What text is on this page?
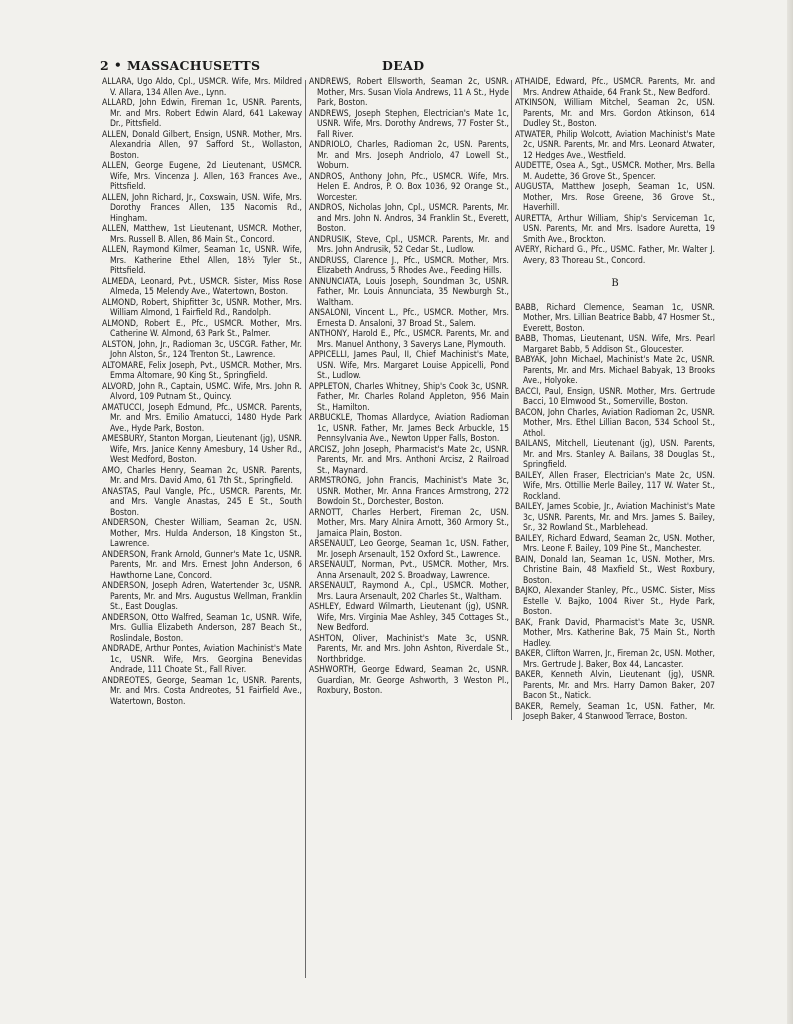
2 • MASSACHUSETTS	DEAD

ALLARA, Ugo Aldo, Cpl., USMCR. Wife, Mrs. Mildred V. Allara, 134 Allen Ave., Lynn.

ALLARD, John Edwin, Fireman 1c, USNR. Parents, Mr. and Mrs. Robert Edwin Alard, 641 Lakeway Dr., Pittsfield.

ALLEN, Donald Gilbert, Ensign, USNR. Mother, Mrs. Alexandria Allen, 97 Safford St., Wollaston, Boston.

ALLEN, George Eugene, 2d Lieutenant, USMCR. Wife, Mrs. Vincenza J. Allen, 163 Frances Ave., Pittsfield.

ALLEN, John Richard, Jr., Coxswain, USN. Wife, Mrs. Dorothy Frances Allen, 135 Nacomis Rd., Hingham.

ALLEN, Matthew, 1st Lieutenant, USMCR. Mother, Mrs. Russell B. Allen, 86 Main St., Concord.

ALLEN, Raymond Kilmer, Seaman 1c, USNR. Wife, Mrs. Katherine Ethel Allen, 18½ Tyler St., Pittsfield.

ALMEDA, Leonard, Pvt., USMCR. Sister, Miss Rose Almeda, 15 Melendy Ave., Watertown, Boston.

ALMOND, Robert, Shipfitter 3c, USNR. Mother, Mrs. William Almond, 1 Fairfield Rd., Randolph.

ALMOND, Robert E., Pfc., USMCR. Mother, Mrs. Catherine W. Almond, 63 Park St., Palmer.

ALSTON, John, Jr., Radioman 3c, USCGR. Father, Mr. John Alston, Sr., 124 Trenton St., Lawrence.

ALTOMARE, Felix Joseph, Pvt., USMCR. Mother, Mrs. Emma Altomare, 90 King St., Springfield.

ALVORD, John R., Captain, USMC. Wife, Mrs. John R. Alvord, 109 Putnam St., Quincy.

AMATUCCI, Joseph Edmund, Pfc., USMCR. Parents, Mr. and Mrs. Emilio Amatucci, 1480 Hyde Park Ave., Hyde Park, Boston.

AMESBURY, Stanton Morgan, Lieutenant (jg), USNR. Wife, Mrs. Janice Kenny Amesbury, 14 Usher Rd., West Medford, Boston.

AMO, Charles Henry, Seaman 2c, USNR. Parents, Mr. and Mrs. David Amo, 61 7th St., Springfield.

ANASTAS, Paul Vangle, Pfc., USMCR. Parents, Mr. and Mrs. Vangle Anastas, 245 E St., South Boston.

ANDERSON, Chester William, Seaman 2c, USN. Mother, Mrs. Hulda Anderson, 18 Kingston St., Lawrence.

ANDERSON, Frank Arnold, Gunner's Mate 1c, USNR. Parents, Mr. and Mrs. Ernest John Anderson, 6 Hawthorne Lane, Concord.

ANDERSON, Joseph Adren, Watertender 3c, USNR. Parents, Mr. and Mrs. Augustus Wellman, Franklin St., East Douglas.

ANDERSON, Otto Walfred, Seaman 1c, USNR. Wife, Mrs. Gullia Elizabeth Anderson, 287 Beach St., Roslindale, Boston.

ANDRADE, Arthur Pontes, Aviation Machinist's Mate 1c, USNR. Wife, Mrs. Georgina Benevidas Andrade, 111 Choate St., Fall River.

ANDREOTES, George, Seaman 1c, USNR. Parents, Mr. and Mrs. Costa Andreotes, 51 Fairfield Ave., Watertown, Boston.

ANDREWS, Robert Ellsworth, Seaman 2c, USNR. Mother, Mrs. Susan Viola Andrews, 11 A St., Hyde Park, Boston.

ANDREWS, Joseph Stephen, Electrician's Mate 1c, USNR. Wife, Mrs. Dorothy Andrews, 77 Foster St., Fall River.

ANDRIOLO, Charles, Radioman 2c, USN. Parents, Mr. and Mrs. Joseph Andriolo, 47 Lowell St., Woburn.

ANDROS, Anthony John, Pfc., USMCR. Wife, Mrs. Helen E. Andros, P. O. Box 1036, 92 Orange St., Worcester.

ANDROS, Nicholas John, Cpl., USMCR. Parents, Mr. and Mrs. John N. Andros, 34 Franklin St., Everett, Boston.

ANDRUSIK, Steve, Cpl., USMCR. Parents, Mr. and Mrs. John Andrusik, 52 Cedar St., Ludlow.

ANDRUSS, Clarence J., Pfc., USMCR. Mother, Mrs. Elizabeth Andruss, 5 Rhodes Ave., Feeding Hills.

ANNUNCIATA, Louis Joseph, Soundman 3c, USNR. Father, Mr. Louis Annunciata, 35 Newburgh St., Waltham.

ANSALONI, Vincent L., Pfc., USMCR. Mother, Mrs. Ernesta D. Ansaloni, 37 Broad St., Salem.

ANTHONY, Harold E., Pfc., USMCR. Parents, Mr. and Mrs. Manuel Anthony, 3 Saverys Lane, Plymouth.

APPICELLI, James Paul, II, Chief Machinist's Mate, USN. Wife, Mrs. Margaret Louise Appicelli, Pond St., Ludlow.

APPLETON, Charles Whitney, Ship's Cook 3c, USNR. Father, Mr. Charles Roland Appleton, 956 Main St., Hamilton.

ARBUCKLE, Thomas Allardyce, Aviation Radioman 1c, USNR. Father, Mr. James Beck Arbuckle, 15 Pennsylvania Ave., Newton Upper Falls, Boston.

ARCISZ, John Joseph, Pharmacist's Mate 2c, USNR. Parents, Mr. and Mrs. Anthoni Arcisz, 2 Railroad St., Maynard.

ARMSTRONG, John Francis, Machinist's Mate 3c, USNR. Mother, Mr. Anna Frances Armstrong, 272 Bowdoin St., Dorchester, Boston.

ARNOTT, Charles Herbert, Fireman 2c, USN. Mother, Mrs. Mary Alnira Arnott, 360 Armory St., Jamaica Plain, Boston.

ARSENAULT, Leo George, Seaman 1c, USN. Father, Mr. Joseph Arsenault, 152 Oxford St., Lawrence.

ARSENAULT, Norman, Pvt., USMCR. Mother, Mrs. Anna Arsenault, 202 S. Broadway, Lawrence.

ARSENAULT, Raymond A., Cpl., USMCR. Mother, Mrs. Laura Arsenault, 202 Charles St., Waltham.

ASHLEY, Edward Wilmarth, Lieutenant (jg), USNR. Wife, Mrs. Virginia Mae Ashley, 345 Cottages St., New Bedford.

ASHTON, Oliver, Machinist's Mate 3c, USNR. Parents, Mr. and Mrs. John Ashton, Riverdale St., Northbridge.

ASHWORTH, George Edward, Seaman 2c, USNR. Guardian, Mr. George Ashworth, 3 Weston Pl., Roxbury, Boston.

ATHAIDE, Edward, Pfc., USMCR. Parents, Mr. and Mrs. Andrew Athaide, 64 Frank St., New Bedford.

ATKINSON, William Mitchel, Seaman 2c, USN. Parents, Mr. and Mrs. Gordon Atkinson, 614 Dudley St., Boston.

ATWATER, Philip Wolcott, Aviation Machinist's Mate 2c, USNR. Parents, Mr. and Mrs. Leonard Atwater, 12 Hedges Ave., Westfield.

AUDETTE, Osea A., Sgt., USMCR. Mother, Mrs. Bella M. Audette, 36 Grove St., Spencer.

AUGUSTA, Matthew Joseph, Seaman 1c, USN. Mother, Mrs. Rose Greene, 36 Grove St., Haverhill.

AURETTA, Arthur William, Ship's Serviceman 1c, USN. Parents, Mr. and Mrs. Isadore Auretta, 19 Smith Ave., Brockton.

AVERY, Richard G., Pfc., USMC. Father, Mr. Walter J. Avery, 83 Thoreau St., Concord.

B

BABB, Richard Clemence, Seaman 1c, USNR. Mother, Mrs. Lillian Beatrice Babb, 47 Hosmer St., Everett, Boston.

BABB, Thomas, Lieutenant, USN. Wife, Mrs. Pearl Margaret Babb, 5 Addison St., Gloucester.

BABYAK, John Michael, Machinist's Mate 2c, USNR. Parents, Mr. and Mrs. Michael Babyak, 13 Brooks Ave., Holyoke.

BACCI, Paul, Ensign, USNR. Mother, Mrs. Gertrude Bacci, 10 Elmwood St., Somerville, Boston.

BACON, John Charles, Aviation Radioman 2c, USNR. Mother, Mrs. Ethel Lillian Bacon, 534 School St., Athol.

BAILANS, Mitchell, Lieutenant (jg), USN. Parents, Mr. and Mrs. Stanley A. Bailans, 38 Douglas St., Springfield.

BAILEY, Allen Fraser, Electrician's Mate 2c, USN. Wife, Mrs. Ottillie Merle Bailey, 117 W. Water St., Rockland.

BAILEY, James Scobie, Jr., Aviation Machinist's Mate 3c, USNR. Parents, Mr. and Mrs. James S. Bailey, Sr., 32 Rowland St., Marblehead.

BAILEY, Richard Edward, Seaman 2c, USN. Mother, Mrs. Leone F. Bailey, 109 Pine St., Manchester.

BAIN, Donald Ian, Seaman 1c, USN. Mother, Mrs. Christine Bain, 48 Maxfield St., West Roxbury, Boston.

BAJKO, Alexander Stanley, Pfc., USMC. Sister, Miss Estelle V. Bajko, 1004 River St., Hyde Park, Boston.

BAK, Frank David, Pharmacist's Mate 3c, USNR. Mother, Mrs. Katherine Bak, 75 Main St., North Hadley.

BAKER, Clifton Warren, Jr., Fireman 2c, USN. Mother, Mrs. Gertrude J. Baker, Box 44, Lancaster.

BAKER, Kenneth Alvin, Lieutenant (jg), USNR. Parents, Mr. and Mrs. Harry Damon Baker, 207 Bacon St., Natick.

BAKER, Remely, Seaman 1c, USN. Father, Mr. Joseph Baker, 4 Stanwood Terrace, Boston.
